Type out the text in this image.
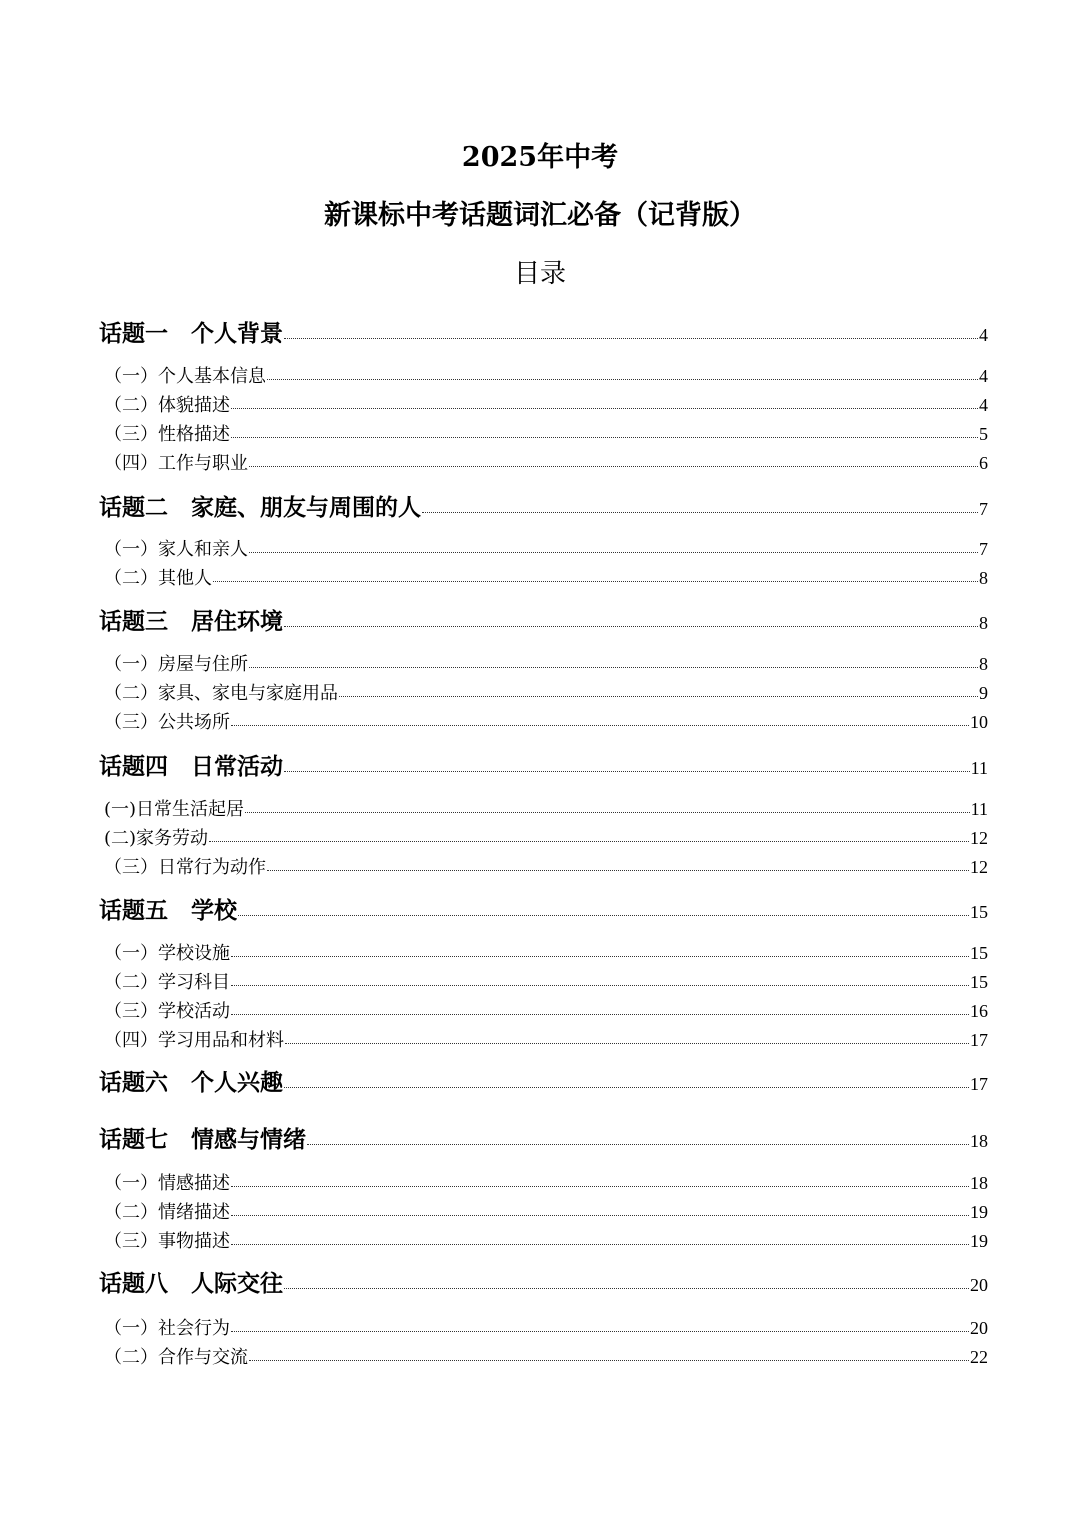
2025年中考
新课标中考话题词汇必备（记背版）
目录
话题一　个人背景	4
（一）个人基本信息	4
（二）体貌描述	4
（三）性格描述	5
（四）工作与职业	6
话题二　家庭、朋友与周围的人	7
（一）家人和亲人	7
（二）其他人	8
话题三　居住环境	8
（一）房屋与住所	8
（二）家具、家电与家庭用品	9
（三）公共场所	10
话题四　日常活动	11
(一)日常生活起居	11
(二)家务劳动	12
（三）日常行为动作	12
话题五　学校	15
（一）学校设施	15
（二）学习科目	15
（三）学校活动	16
（四）学习用品和材料	17
话题六　个人兴趣	17
话题七　情感与情绪	18
（一）情感描述	18
（二）情绪描述	19
（三）事物描述	19
话题八　人际交往	20
（一）社会行为	20
（二）合作与交流	22
